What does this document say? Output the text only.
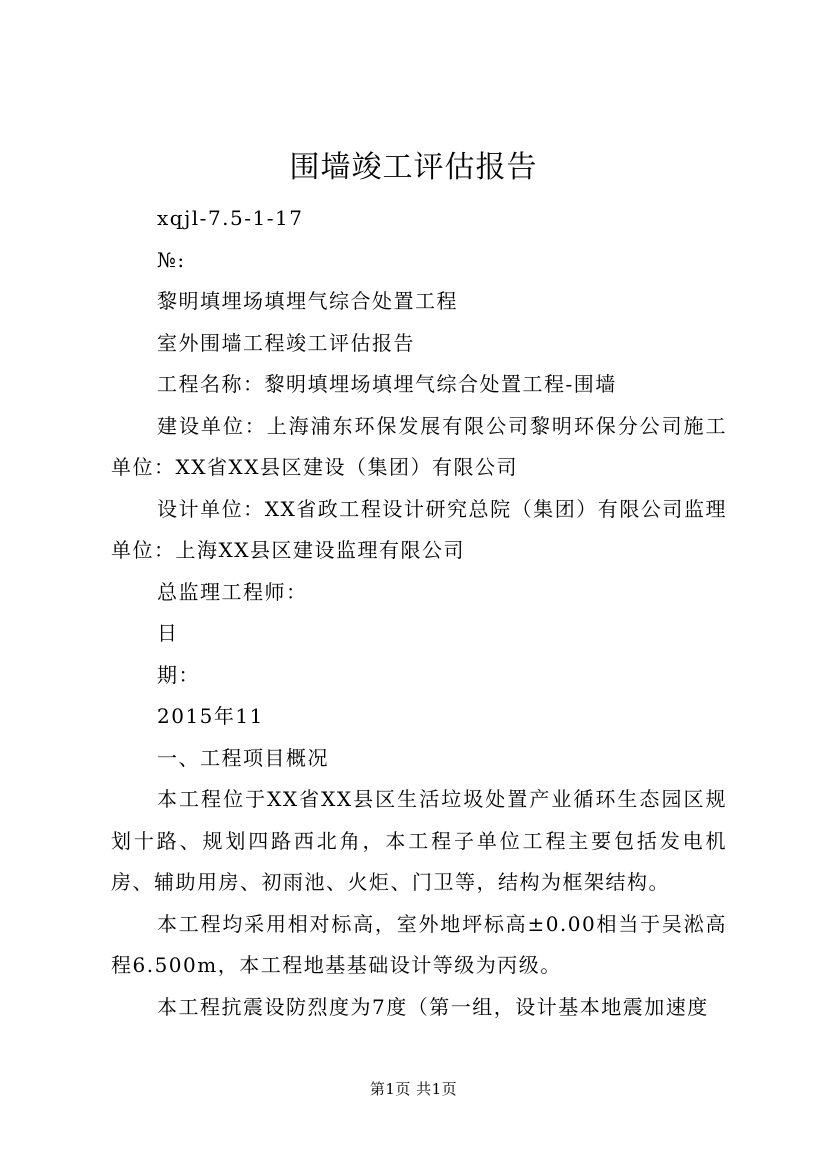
围墙竣工评估报告

xqjl-7.5-1-17

№:

黎明填埋场填埋气综合处置工程

室外围墙工程竣工评估报告

工程名称：黎明填埋场填埋气综合处置工程-围墙

建设单位：上海浦东环保发展有限公司黎明环保分公司施工单位：XX省XX县区建设（集团）有限公司

设计单位：XX省政工程设计研究总院（集团）有限公司监理单位：上海XX县区建设监理有限公司

总监理工程师：

日

期：

2015年11

一、工程项目概况

本工程位于XX省XX县区生活垃圾处置产业循环生态园区规划十路、规划四路西北角，本工程子单位工程主要包括发电机房、辅助用房、初雨池、火炬、门卫等，结构为框架结构。

本工程均采用相对标高，室外地坪标高±0.00相当于吴淞高程6.500m，本工程地基基础设计等级为丙级。

本工程抗震设防烈度为7度（第一组，设计基本地震加速度

第1页 共1页
